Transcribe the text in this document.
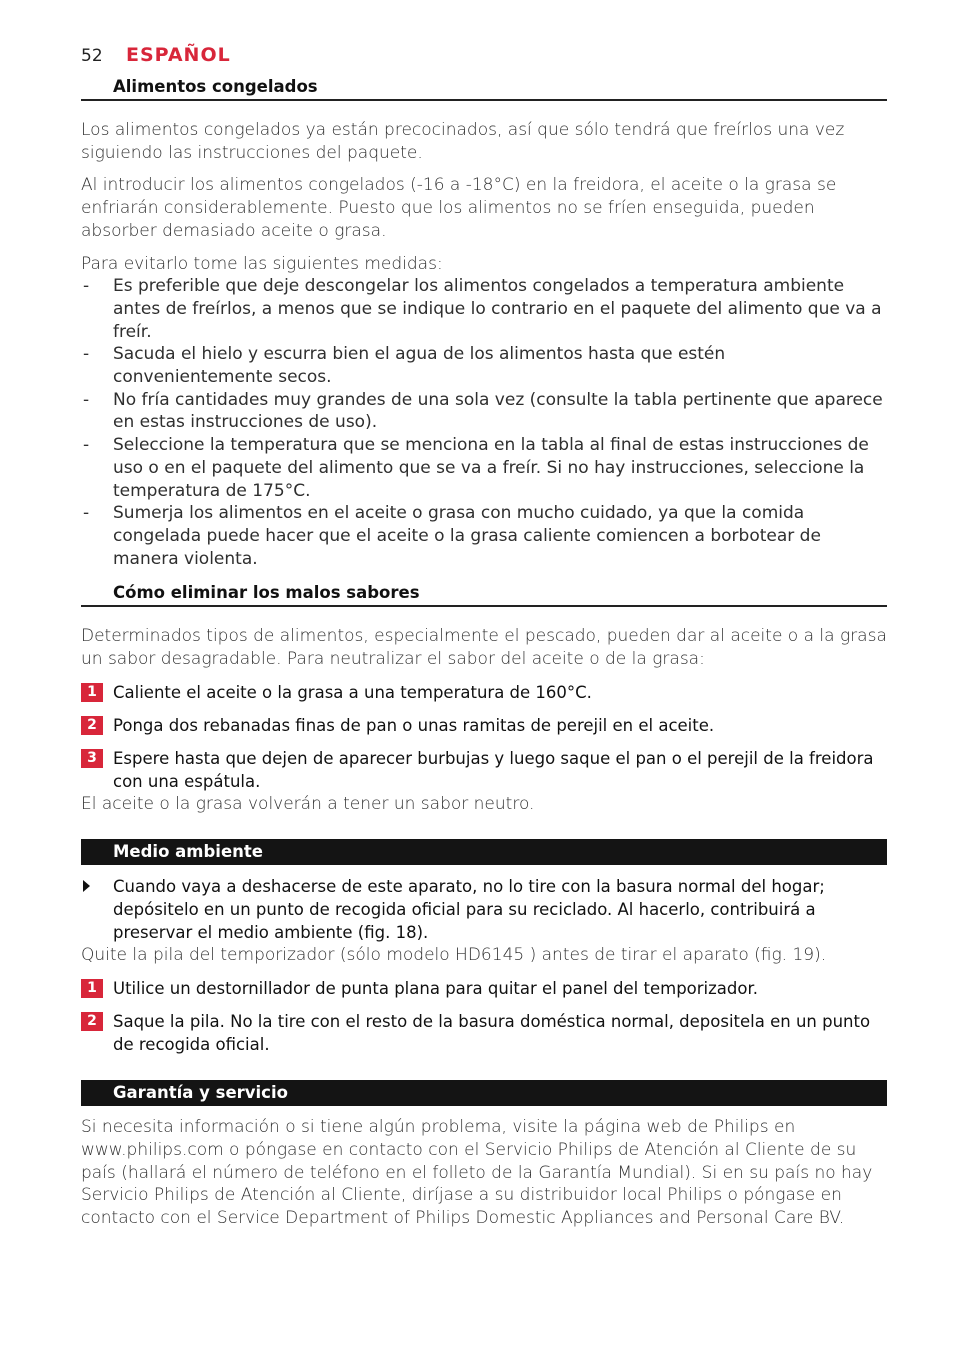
52	ESPAÑOL
Alimentos congelados

Los alimentos congelados ya están precocinados, así que sólo tendrá que freírlos una vez siguiendo las instrucciones del paquete.

Al introducir los alimentos congelados (-16 a -18°C) en la freidora, el aceite o la grasa se enfriarán considerablemente. Puesto que los alimentos no se fríen enseguida, pueden absorber demasiado aceite o grasa.

Para evitarlo tome las siguientes medidas:

- Es preferible que deje descongelar los alimentos congelados a temperatura ambiente antes de freírlos, a menos que se indique lo contrario en el paquete del alimento que va a freír.
- Sacuda el hielo y escurra bien el agua de los alimentos hasta que estén convenientemente secos.
- No fría cantidades muy grandes de una sola vez (consulte la tabla pertinente que aparece en estas instrucciones de uso).
- Seleccione la temperatura que se menciona en la tabla al final de estas instrucciones de uso o en el paquete del alimento que se va a freír. Si no hay instrucciones, seleccione la temperatura de 175°C.
- Sumerja los alimentos en el aceite o grasa con mucho cuidado, ya que la comida congelada puede hacer que el aceite o la grasa caliente comiencen a borbotear de manera violenta.
Cómo eliminar los malos sabores

Determinados tipos de alimentos, especialmente el pescado, pueden dar al aceite o a la grasa un sabor desagradable. Para neutralizar el sabor del aceite o de la grasa:

1 Caliente el aceite o la grasa a una temperatura de 160°C.
2 Ponga dos rebanadas finas de pan o unas ramitas de perejil en el aceite.
3 Espere hasta que dejen de aparecer burbujas y luego saque el pan o el perejil de la freidora con una espátula.

El aceite o la grasa volverán a tener un sabor neutro.

Medio ambiente
Cuando vaya a deshacerse de este aparato, no lo tire con la basura normal del hogar; depósitelo en un punto de recogida oficial para su reciclado. Al hacerlo, contribuirá a preservar el medio ambiente (fig. 18).

Quite la pila del temporizador (sólo modelo HD6145 ) antes de tirar el aparato (fig. 19).

1 Utilice un destornillador de punta plana para quitar el panel del temporizador.
2 Saque la pila. No la tire con el resto de la basura doméstica normal, depositela en un punto de recogida oficial.
Garantía y servicio

Si necesita información o si tiene algún problema, visite la página web de Philips en www.philips.com o póngase en contacto con el Servicio Philips de Atención al Cliente de su país (hallará el número de teléfono en el folleto de la Garantía Mundial). Si en su país no hay Servicio Philips de Atención al Cliente, diríjase a su distribuidor local Philips o póngase en contacto con el Service Department of Philips Domestic Appliances and Personal Care BV.
